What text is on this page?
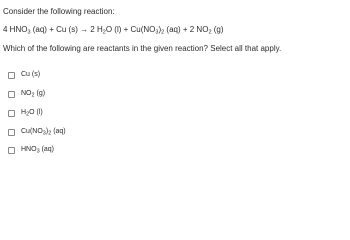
Consider the following reaction:
4 $HNO_3$ (aq) + Cu (s) → 2 $H_2O$ $(l) + Cu(NO_3)_2$ (aq) + 2 $NO_2$ (g)
Which of the following are reactants in the given reaction? Select all that apply.
Cu (s)
$NO_2$ (g)
$H_2O$ (l)
$Cu(NO_3)_2$ (aq)
$HNO_3$ (aq)
